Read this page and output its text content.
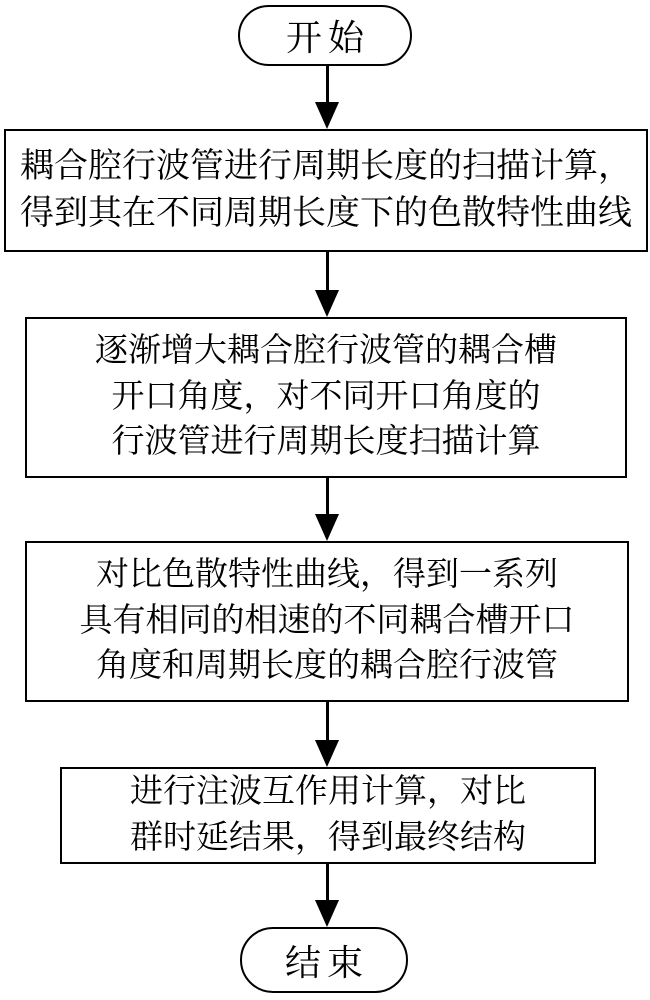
开始
耦合腔行波管进行周期长度的扫描计算，
得到其在不同周期长度下的色散特性曲线
逐渐增大耦合腔行波管的耦合槽
开口角度，对不同开口角度的
行波管进行周期长度扫描计算
对比色散特性曲线，得到一系列
具有相同的相速的不同耦合槽开口
角度和周期长度的耦合腔行波管
进行注波互作用计算，对比
群时延结果，得到最终结构
结束
